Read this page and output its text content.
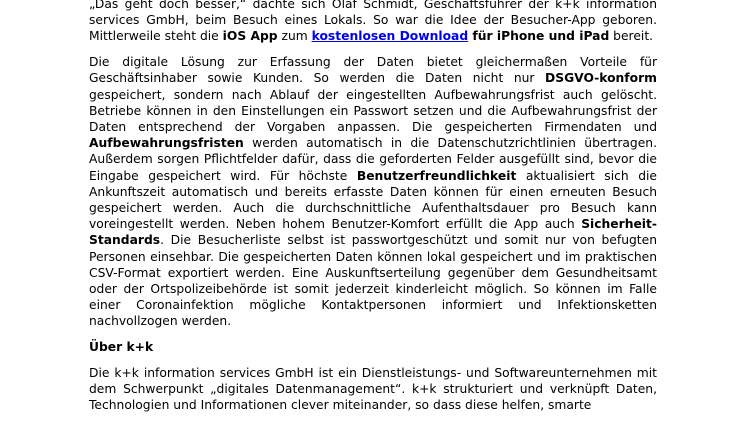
„Das geht doch besser,“ dachte sich Olaf Schmidt, Geschäftsführer der k+k information services GmbH, beim Besuch eines Lokals. So war die Idee der Besucher-App geboren. Mittlerweile steht die iOS App zum kostenlosen Download für iPhone und iPad bereit.

Die digitale Lösung zur Erfassung der Daten bietet gleichermaßen Vorteile für Geschäftsinhaber sowie Kunden. So werden die Daten nicht nur DSGVO-konform gespeichert, sondern nach Ablauf der eingestellten Aufbewahrungsfrist auch gelöscht. Betriebe können in den Einstellungen ein Passwort setzen und die Aufbewahrungsfrist der Daten entsprechend der Vorgaben anpassen. Die gespeicherten Firmendaten und Aufbewahrungsfristen werden automatisch in die Datenschutzrichtlinien übertragen. Außerdem sorgen Pflichtfelder dafür, dass die geforderten Felder ausgefüllt sind, bevor die Eingabe gespeichert wird. Für höchste Benutzerfreundlichkeit aktualisiert sich die Ankunftszeit automatisch und bereits erfasste Daten können für einen erneuten Besuch gespeichert werden. Auch die durchschnittliche Aufenthaltsdauer pro Besuch kann voreingestellt werden. Neben hohem Benutzer-Komfort erfüllt die App auch Sicherheit-Standards. Die Besucherliste selbst ist passwortgeschützt und somit nur von befugten Personen einsehbar. Die gespeicherten Daten können lokal gespeichert und im praktischen CSV-Format exportiert werden. Eine Auskunftserteilung gegenüber dem Gesundheitsamt oder der Ortspolizeibehörde ist somit jederzeit kinderleicht möglich. So können im Falle einer Coronainfektion mögliche Kontaktpersonen informiert und Infektionsketten nachvollzogen werden.

Über k+k

Die k+k information services GmbH ist ein Dienstleistungs- und Softwareunternehmen mit dem Schwerpunkt „digitales Datenmanagement“. k+k strukturiert und verknüpft Daten, Technologien und Informationen clever miteinander, so dass diese helfen, smarte
